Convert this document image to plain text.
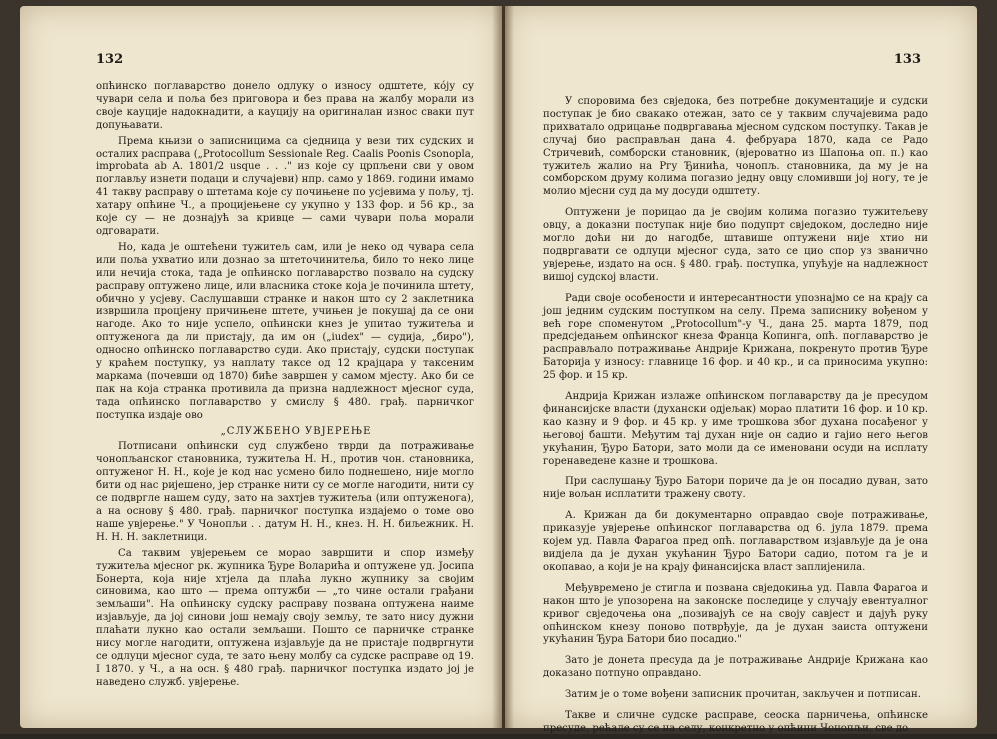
132

опћинско поглаварство донело одлуку о износу одштете, кóју су чувари села и поља без приговора и без права на жалбу морали из своје кауције надокнадити, а кауцију на оригиналан износ сваки пут допуњавати.

Према књизи о записницима са сједница у вези тих судских и осталих расправа („Protocollum Sessionale Reg. Caalis Poonis Csonopla, improbata ab A. 1801/2 usque . . ." из које су црпљени сви у овом поглављу изнети подаци и случајеви) нпр. само у 1869. години имамо 41 такву расправу о штетама које су почињене по усјевима у пољу, тј. хатару опћине Ч., а процијењене су укупно у 133 фор. и 56 кр., за које су — не дознајућ за кривце — сами чувари поља морали одговарати.

Но, када је оштећени тужитељ сам, или је неко од чувара села или поља ухватио или дознао за штеточинитеља, било то неко лице или нечија стока, тада је опћинско поглаварство позвало на судску расправу оптужено лице, или власника стоке која је починила штету, обично у усјеву. Саслушавши странке и након што су 2 заклетника извршила процјену причињене штете, учињен је покушај да се они нагоде. Ако то није успело, опћински кнез је упитао тужитеља и оптуженога да ли пристају, да им он („iudex" — судија, „биро"), односно опћинско поглаварство суди. Ако пристају, судски поступак у краћем поступку, уз наплату таксе од 12 крајцара у таксеним маркама (почевши од 1870) биће завршен у самом мјесту. Ако би се пак на која странка противила да призна надлежност мјесног суда, тада опћинско поглаварство у смислу § 480. грађ. парничког поступка издаје ово

„СЛУЖБЕНО УВЈЕРЕЊЕ

Потписани опћински суд службено тврди да потраживање чонопљанског становника, тужитеља Н. Н., против чон. становника, оптуженог Н. Н., које је код нас усмено било поднешено, није могло бити од нас ријешено, јер странке нити су се могле нагодити, нити су се подвргле нашем суду, зато на захтјев тужитеља (или оптуженога), а на основу § 480. грађ. парничког поступка издајемо о томе ово наше увјерење." У Чонопљи . . датум Н. Н., кнез. Н. Н. биљежник. Н. Н. Н. Н. заклетници.

Са таквим увјерењем се морао завршити и спор између тужитеља мјесног рк. жупника Ђуре Воларића и оптужене уд. Јосипа Бонерта, која није хтјела да плаћа лукно жупнику за својим синовима, као што — према оптужби — „то чине остали грађани земљаши". На опћинску судску расправу позвана оптужена наиме изјављује, да јој синови још немају своју земљу, те зато нису дужни плаћати лукно као остали земљаши. Пошто се парничке странке нису могле нагодити, оптужена изјављује да не пристаје подвргнути се одлуци мјесног суда, те зато њену молбу са судске расправе од 19. I 1870. у Ч., а на осн. § 480 грађ. парничког поступка издато јој је наведено служб. увјерење.

133

У споровима без свједока, без потребне документације и судски поступак је био свакако отежан, зато се у таквим случајевима радо прихватало одрицање подвргавања мјесном судском поступку. Такав је случај био расправљан дана 4. фебруара 1870, када се Радо Стричевић, сомборски становник, (вјероватно из Шапоња оп. п.) као тужитељ жалио на Ргу Ђинића, чонопљ. становника, да му је на сомборском друму колима погазио једну овцу сломивши јој ногу, те је молио мјесни суд да му досуди одштету.

Оптужени је порицао да је својим колима погазио тужитељеву овцу, а доказни поступак није био подупрт свједоком, доследно није могло доћи ни до нагодбе, штавише оптужени није хтио ни подвргавати се одлуци мјесног суда, зато се цио спор уз званично увјерење, издато на осн. § 480. грађ. поступка, упућује на надлежност вишој судској власти.

Ради своје особености и интересантности упознајмо се на крају са још једним судским поступком на селу. Према записнику вођеном у већ горе споменутом „Protocollum"-у Ч., дана 25. марта 1879, под предсједањем опћинског кнеза Франца Копинга, опћ. поглаварство је расправљало потраживање Андрије Крижана, покренуто против Ђуре Баторија у износу: главнице 16 фор. и 40 кр., и са приносима укупно: 25 фор. и 15 кр.

Андрија Крижан излаже опћинском поглаварству да је пресудом финансијске власти (духански одјељак) морао платити 16 фор. и 10 кр. као казну и 9 фор. и 45 кр. у име трошкова због духана посађеног у његовој башти. Међутим тај духан није он садио и гајио него његов укућанин, Ђуро Батори, зато моли да се именовани осуди на исплату горенаведене казне и трошкова.

При саслушању Ђуро Батори пориче да је он посадио дуван, зато није вољан исплатити тражену своту.

А. Крижан да би документарно оправдао своје потраживање, приказује увјерење опћинског поглаварства од 6. јула 1879. према којем уд. Павла Фарагоа пред опћ. поглаварством изјављује да је она видјела да је духан укућанин Ђуро Батори садио, потом га је и окопавао, а који је на крају финансијска власт заплијенила.

Међувремено је стигла и позвана свједокиња уд. Павла Фарагоа и након што је упозорена на законске последице у случају евентуалног кривог свједочења она „позивајућ се на своју савјест и дајућ руку опћинском кнезу поново потврђује, да је духан заиста оптужени укућанин Ђура Батори био посадио."

Зато је донета пресуда да је потраживање Андрије Крижана као доказано потпуно оправдано.

Затим је о томе вођени записник прочитан, закључен и потписан.

Такве и сличне судске расправе, сеоска парничења, опћинске пресуде, рећале су се на селу, конкретно у опћини Чонопљи, све до
